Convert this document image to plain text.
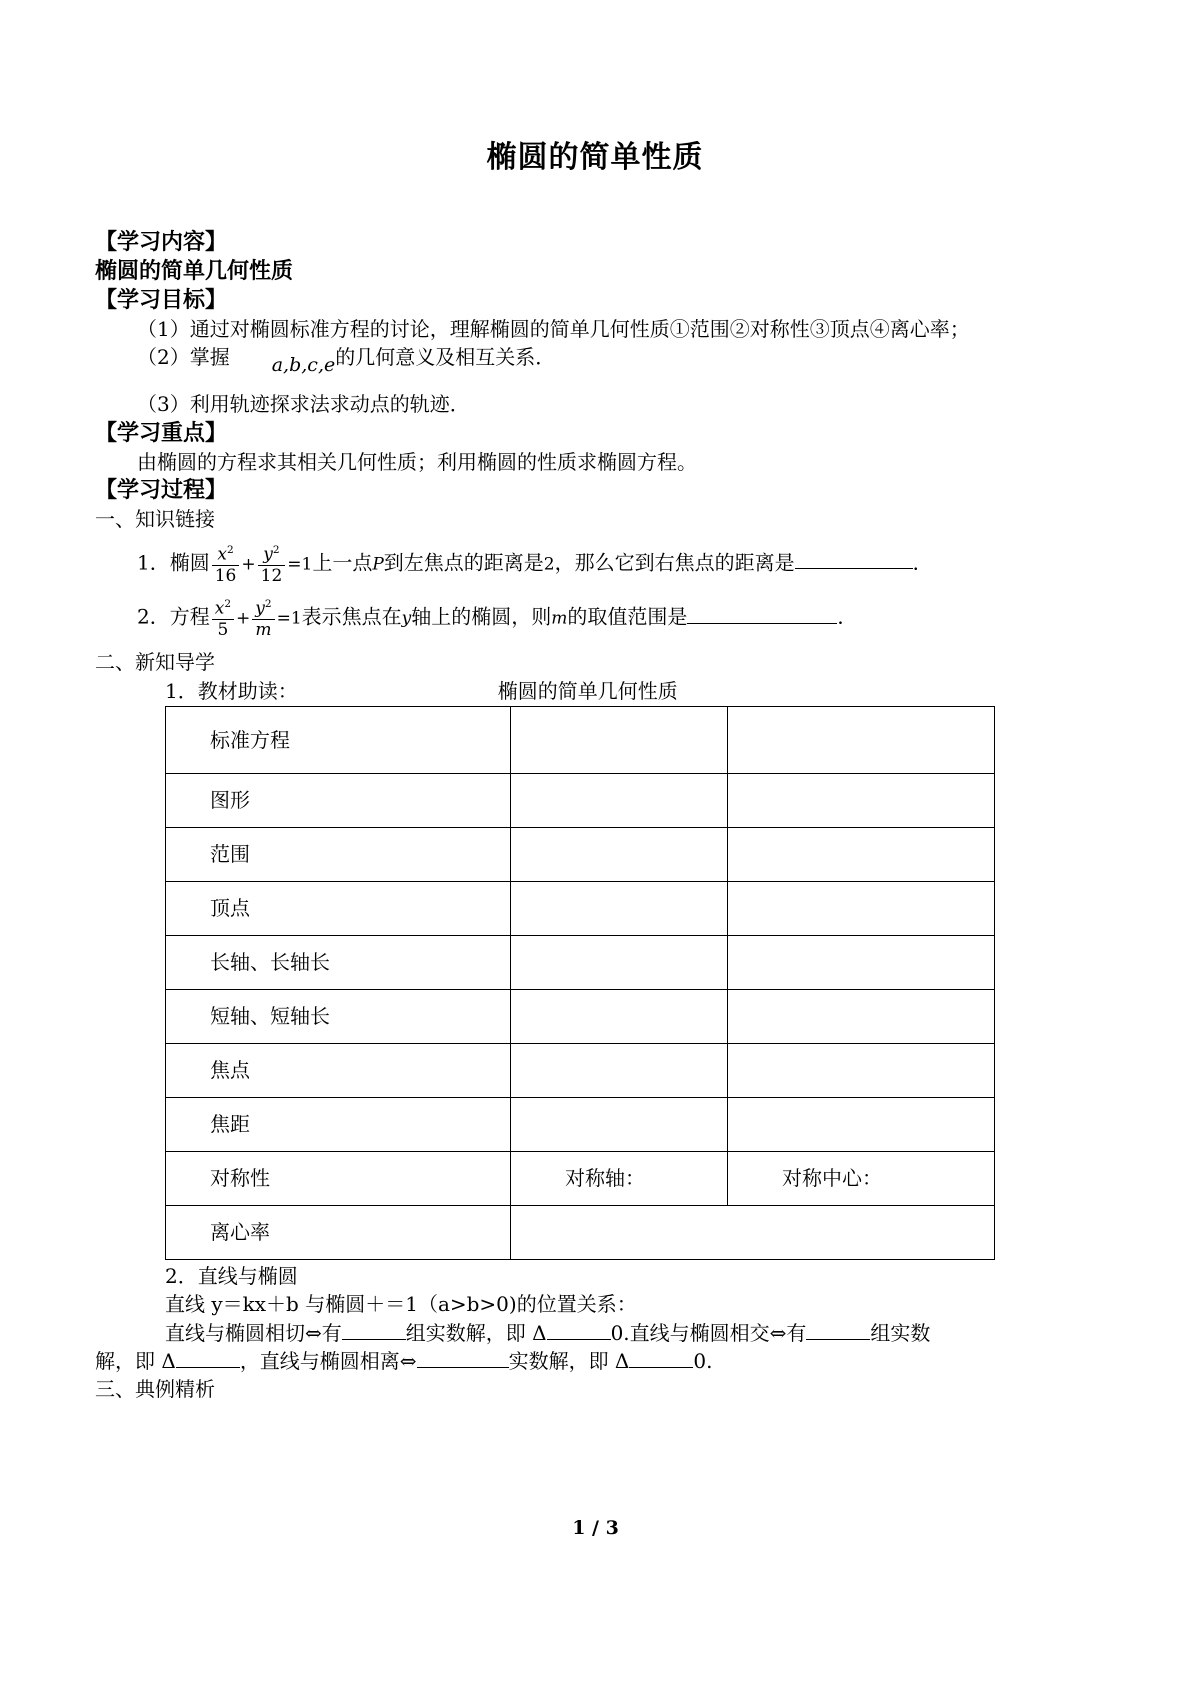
椭圆的简单性质

【学习内容】

椭圆的简单几何性质

【学习目标】

（1）通过对椭圆标准方程的讨论，理解椭圆的简单几何性质①范围②对称性③顶点④离心率；

（2）掌握 a,b,c,e的几何意义及相互关系．

（3）利用轨迹探求法求动点的轨迹．

【学习重点】

由椭圆的方程求其相关几何性质；利用椭圆的性质求椭圆方程。

【学习过程】

一、知识链接

1．椭圆 $\frac{x^2}{16} + \frac{y^2}{12} =1$上一点P到左焦点的距离是2，那么它到右焦点的距离是	．

2．方程 $\frac{x^2}{5} + \frac{y^2}{m} =1$表示焦点在y轴上的椭圆，则m的取值范围是	．

二、新知导学

1．教材助读：	椭圆的简单几何性质
标准方程		
图形		
范围		
顶点		
长轴、长轴长		
短轴、短轴长		
焦点		
焦距		
对称性	对称轴：	对称中心：
离心率		

2．直线与椭圆

直线 y＝kx＋b 与椭圆＋＝1（a>b>0)的位置关系：

直线与椭圆相切⇔有	组实数解，即 Δ	0.直线与椭圆相交⇔有	组实数

解，即 Δ	，直线与椭圆相离⇔	实数解，即 Δ	0.

三、典例精析

1 / 3
